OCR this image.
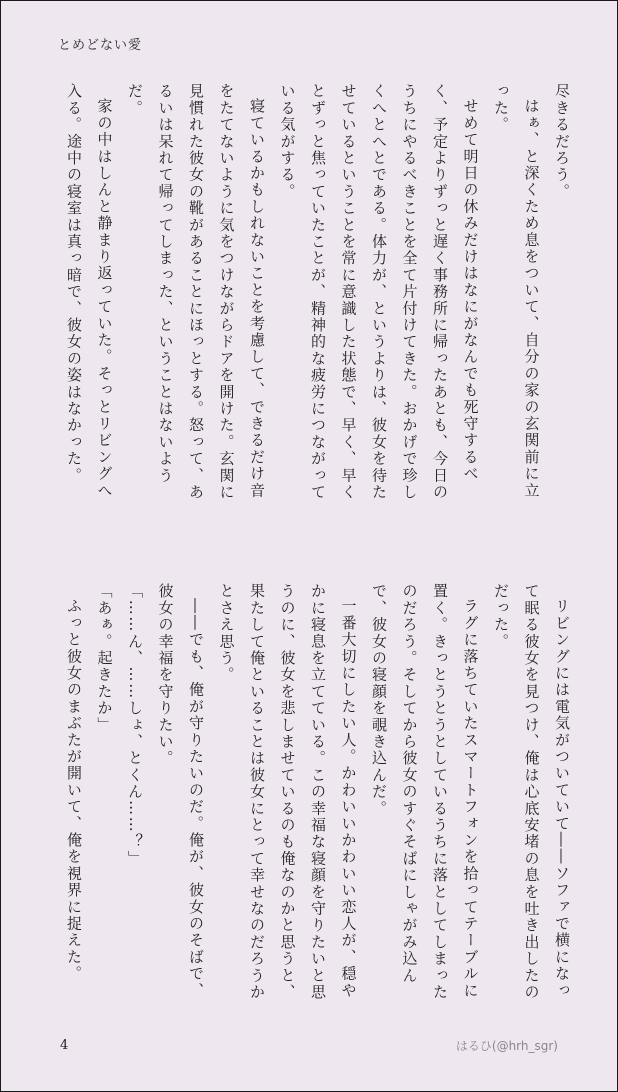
とめどない愛

尽きるだろう。

はぁ、と深くため息をついて、自分の家の玄関前に立った。

せめて明日の休みだけはなにがなんでも死守するべく、予定よりずっと遅く事務所に帰ったあとも、今日のうちにやるべきことを全て片付けてきた。おかげで珍しくへとへとである。体力が、というよりは、彼女を待たせているということを常に意識した状態で、早く、早くとずっと焦っていたことが、精神的な疲労につながっている気がする。

寝ているかもしれないことを考慮して、できるだけ音をたてないように気をつけながらドアを開けた。玄関に見慣れた彼女の靴があることにほっとする。怒って、あるいは呆れて帰ってしまった、ということはないようだ。

家の中はしんと静まり返っていた。そっとリビングへ入る。途中の寝室は真っ暗で、彼女の姿はなかった。

リビングには電気がついていて――ソファで横になって眠る彼女を見つけ、俺は心底安堵の息を吐き出したのだった。

ラグに落ちていたスマートフォンを拾ってテーブルに置く。きっとうとうとしているうちに落としてしまったのだろう。そしてから彼女のすぐそばにしゃがみ込んで、彼女の寝顔を覗き込んだ。

一番大切にしたい人。かわいいかわいい恋人が、穏やかに寝息を立てている。この幸福な寝顔を守りたいと思うのに、彼女を悲しませているのも俺なのかと思うと、果たして俺といることは彼女にとって幸せなのだろうかとさえ思う。

――でも、俺が守りたいのだ。俺が、彼女のそばで、彼女の幸福を守りたい。

「……ん、……しょ、とくん……？」

「あぁ。起きたか」

ふっと彼女のまぶたが開いて、俺を視界に捉えた。

4	はるひ(@hrh_sgr)
